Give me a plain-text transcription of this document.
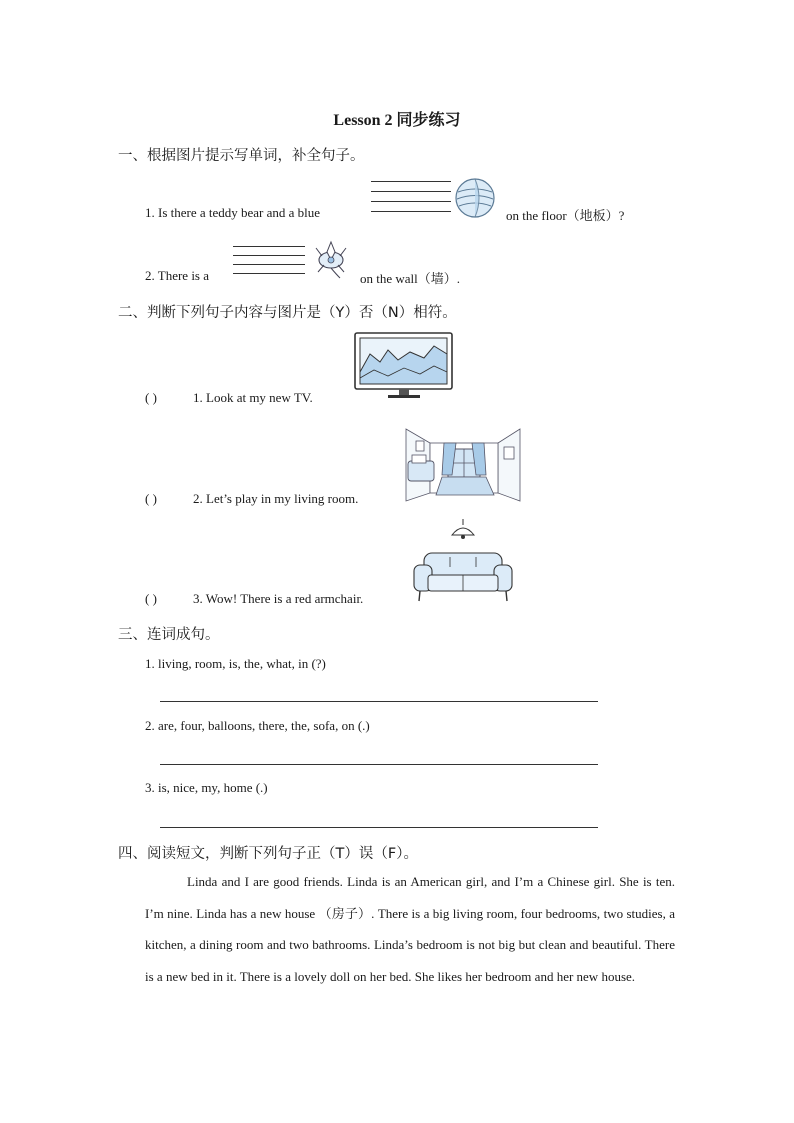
Lesson 2 同步练习
一、根据图片提示写单词，补全句子。
1. Is there a teddy bear and a blue	on the floor（地板）?
2. There is a	on the wall（墙）.
二、判断下列句子内容与图片是（Y）否（N）相符。
( )	1. Look at my new TV.
( )	2. Let’s play in my living room.
( )	3. Wow! There is a red armchair.
三、连词成句。
1. living, room, is, the, what, in (?)
2. are, four, balloons, there, the, sofa, on (.)
3. is, nice, my, home (.)
四、阅读短文，判断下列句子正（T）误（F）。
Linda and I are good friends. Linda is an American girl, and I’m a Chinese girl. She is ten. I’m nine. Linda has a new house （房子）. There is a big living room, four bedrooms, two studies, a kitchen, a dining room and two bathrooms. Linda’s bedroom is not big but clean and beautiful. There is a new bed in it. There is a lovely doll on her bed. She likes her bedroom and her new house.
